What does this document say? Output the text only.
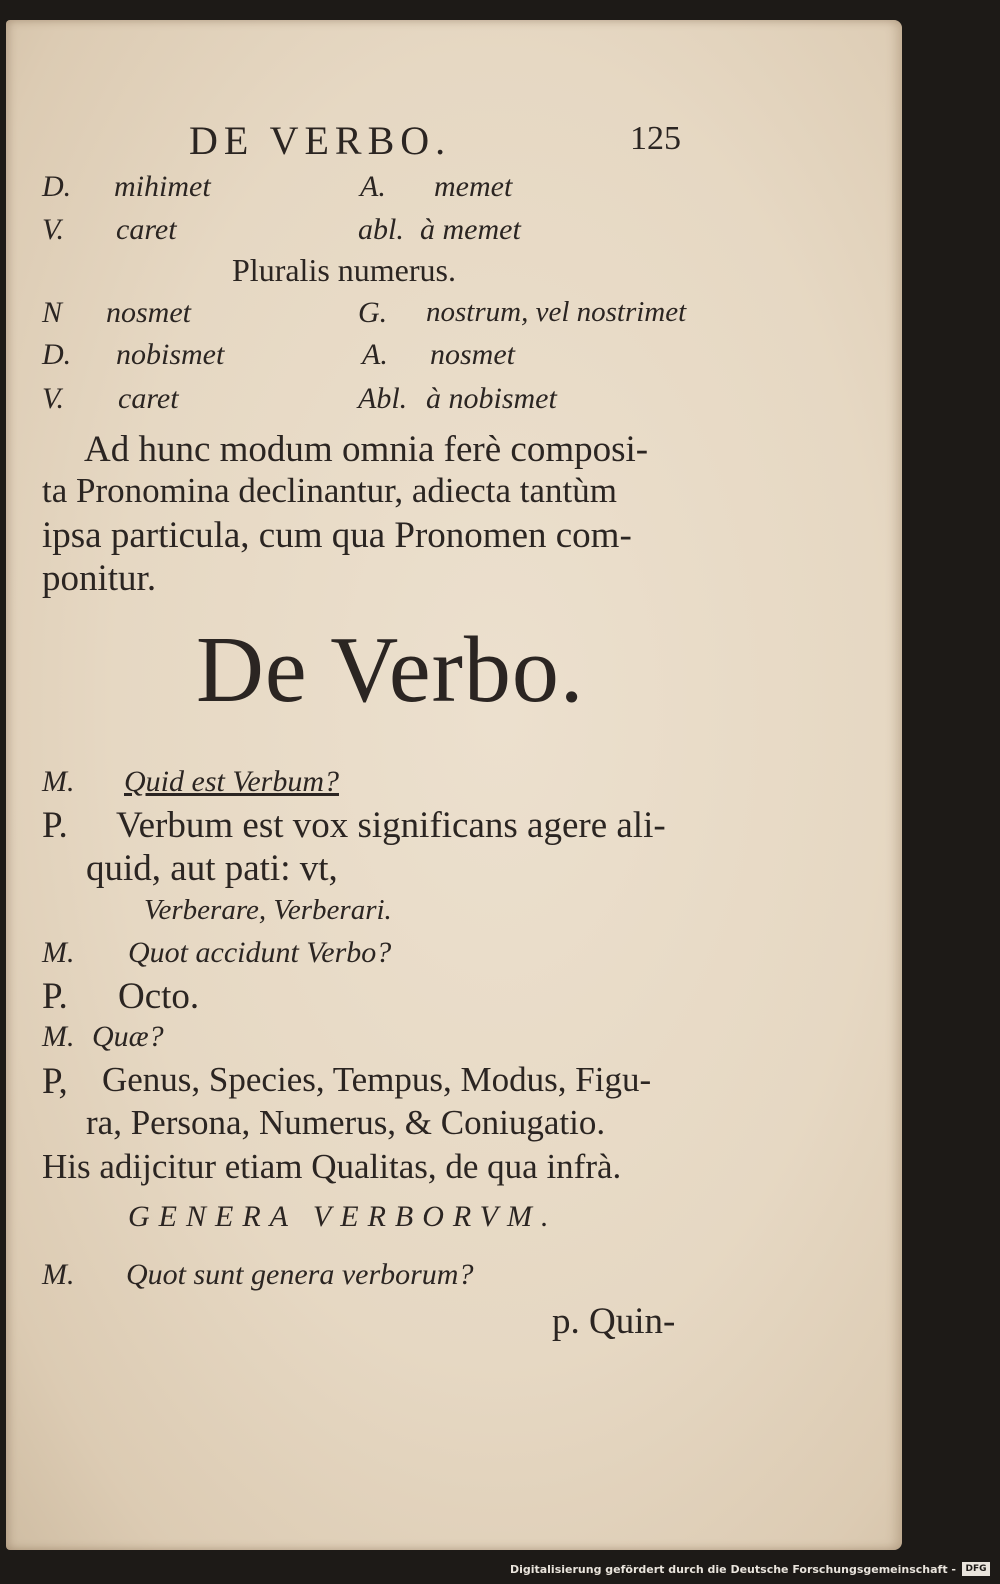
DE VERBO.	125
D. mihimet	A. memet
V. caret	abl. à memet
Pluralis numerus.
N nosmet	G. nostrum, vel nostrimet
D. nobismet	A. nosmet
V. caret	Abl. à nobismet
Ad hunc modum omnia ferè composi-
ta Pronomina declinantur, adiecta tantùm
ipsa particula, cum qua Pronomen com-
ponitur.
De Verbo.
M. Quid est Verbum?
P. Verbum est vox significans agere ali-
quid, aut pati: vt,
Verberare, Verberari.
M. Quot accidunt Verbo?
P. Octo.
M. Quæ?
P, Genus, Species, Tempus, Modus, Figu-
ra, Persona, Numerus, & Coniugatio.
His adijcitur etiam Qualitas, de qua infrà.
GENERA VERBORVM.
M. Quot sunt genera verborum?
p. Quin-
Digitalisierung gefördert durch die Deutsche Forschungsgemeinschaft -	DFG
